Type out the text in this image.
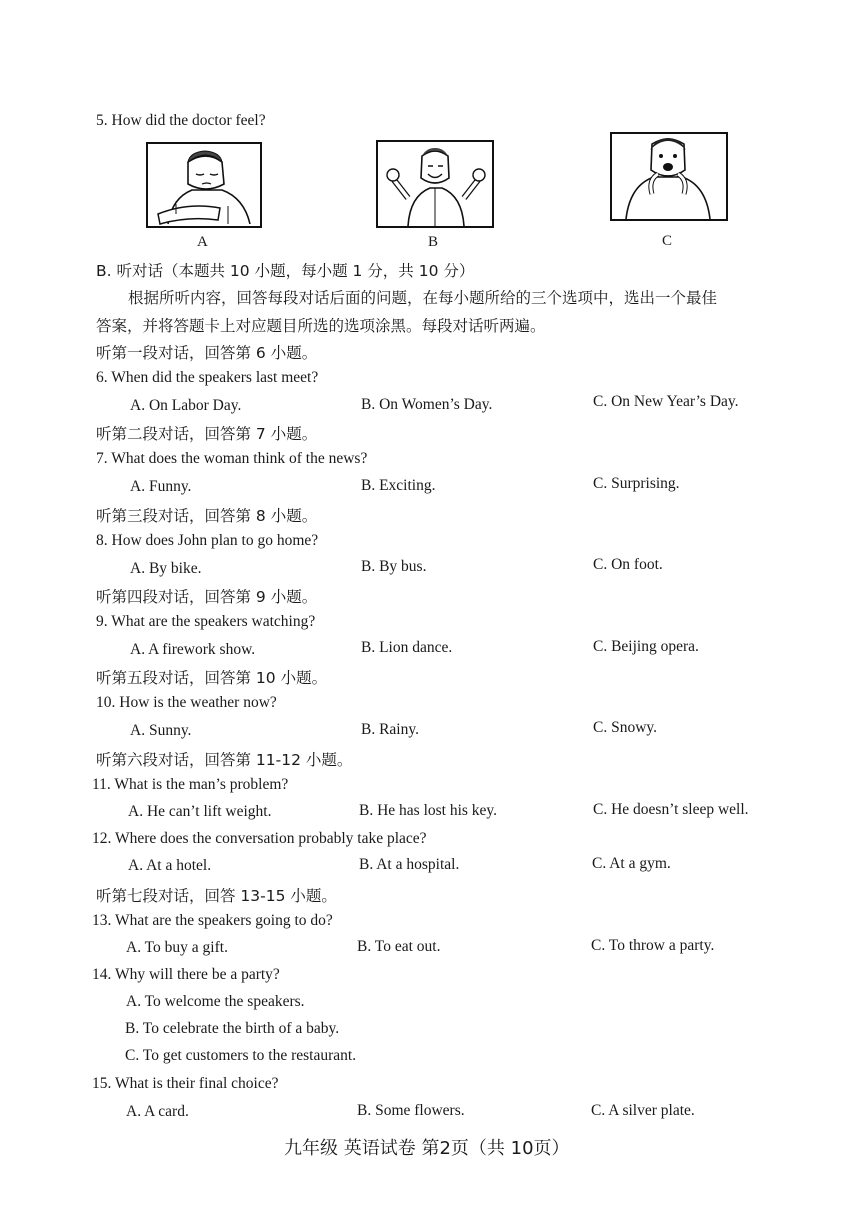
5. How did the doctor feel?
A	B	C
B. 听对话（本题共 10 小题，每小题 1 分，共 10 分）
根据所听内容，回答每段对话后面的问题，在每小题所给的三个选项中，选出一个最佳
答案，并将答题卡上对应题目所选的选项涂黑。每段对话听两遍。
听第一段对话，回答第 6 小题。
6. When did the speakers last meet?
A. On Labor Day.	B. On Women’s Day.	C. On New Year’s Day.
听第二段对话，回答第 7 小题。
7. What does the woman think of the news?
A. Funny.	B. Exciting.	C. Surprising.
听第三段对话，回答第 8 小题。
8. How does John plan to go home?
A. By bike.	B. By bus.	C. On foot.
听第四段对话，回答第 9 小题。
9. What are the speakers watching?
A. A firework show.	B. Lion dance.	C. Beijing opera.
听第五段对话，回答第 10 小题。
10. How is the weather now?
A. Sunny.	B. Rainy.	C. Snowy.
听第六段对话，回答第 11-12 小题。
11. What is the man’s problem?
A. He can’t lift weight.	B. He has lost his key.	C. He doesn’t sleep well.
12. Where does the conversation probably take place?
A. At a hotel.	B. At a hospital.	C. At a gym.
听第七段对话，回答 13-15 小题。
13. What are the speakers going to do?
A. To buy a gift.	B. To eat out.	C. To throw a party.
14. Why will there be a party?
A. To welcome the speakers.
B. To celebrate the birth of a baby.
C. To get customers to the restaurant.
15. What is their final choice?
A. A card.	B. Some flowers.	C. A silver plate.
九年级 英语试卷 第2页（共 10页）
